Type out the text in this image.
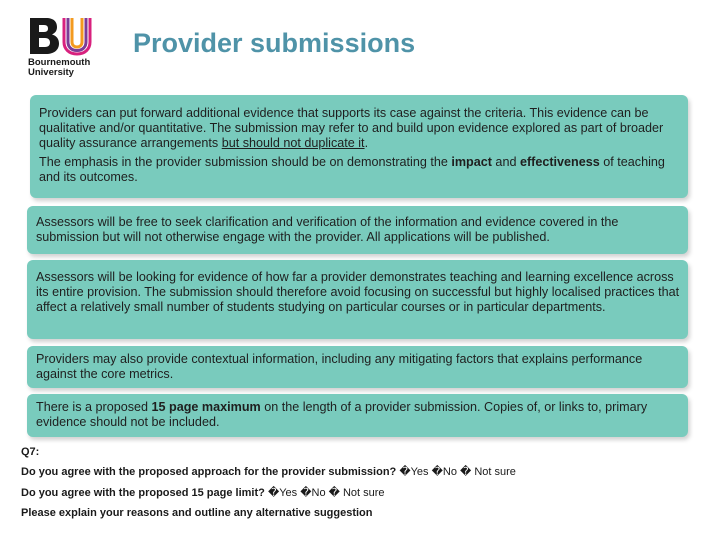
Bournemouth
University
Provider submissions

Providers can put forward additional evidence that supports its case against the criteria. This evidence can be qualitative and/or quantitative. The submission may refer to and build upon evidence explored as part of broader quality assurance arrangements but should not duplicate it.

The emphasis in the provider submission should be on demonstrating the impact and effectiveness of teaching and its outcomes.

Assessors will be free to seek clarification and verification of the information and evidence covered in the submission but will not otherwise engage with the provider. All applications will be published.

Assessors will be looking for evidence of how far a provider demonstrates teaching and learning excellence across its entire provision. The submission should therefore avoid focusing on successful but highly localised practices that affect a relatively small number of students studying on particular courses or in particular departments.

Providers may also provide contextual information, including any mitigating factors that explains performance against the core metrics.

There is a proposed 15 page maximum on the length of a provider submission. Copies of, or links to, primary evidence should not be included.

Q7:
Do you agree with the proposed approach for the provider submission? �Yes �No � Not sure
Do you agree with the proposed 15 page limit? �Yes �No � Not sure
Please explain your reasons and outline any alternative suggestion
